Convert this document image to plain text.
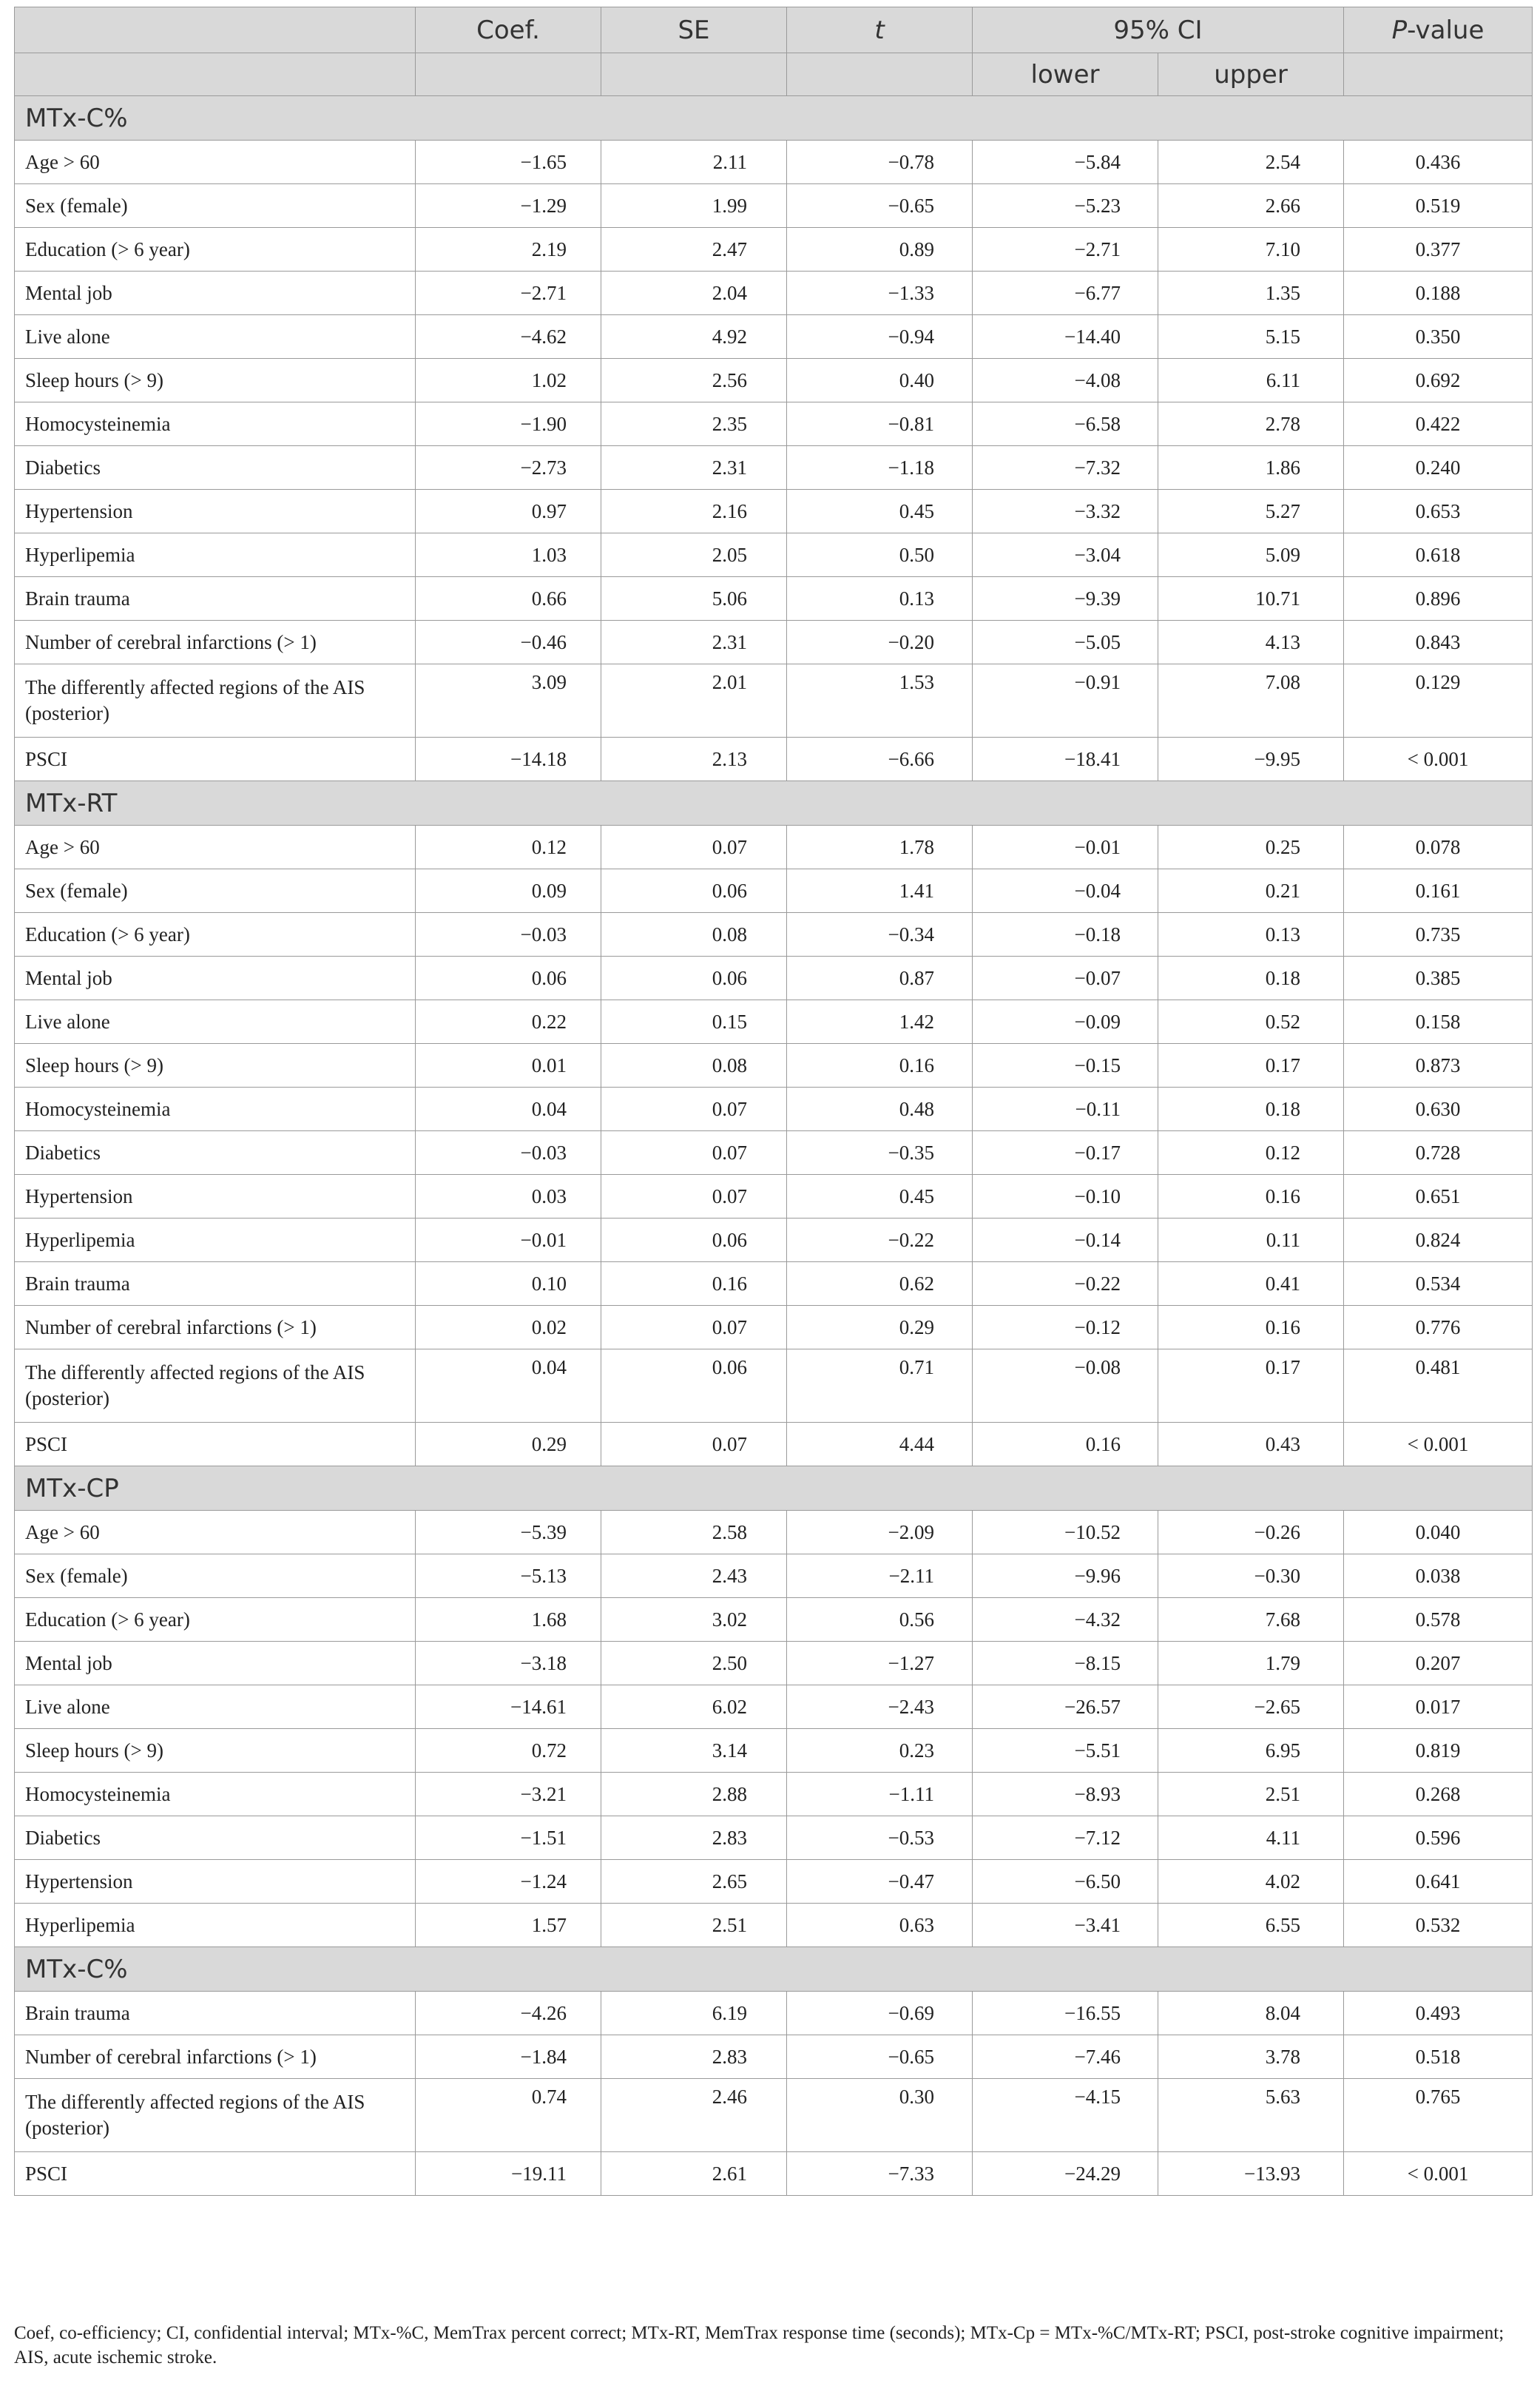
	Coef.	SE	t	95% CI		P-value
				lower	upper	
MTx-C%						
Age > 60	−1.65	2.11	−0.78	−5.84	2.54	0.436
Sex (female)	−1.29	1.99	−0.65	−5.23	2.66	0.519
Education (> 6 year)	2.19	2.47	0.89	−2.71	7.10	0.377
Mental job	−2.71	2.04	−1.33	−6.77	1.35	0.188
Live alone	−4.62	4.92	−0.94	−14.40	5.15	0.350
Sleep hours (> 9)	1.02	2.56	0.40	−4.08	6.11	0.692
Homocysteinemia	−1.90	2.35	−0.81	−6.58	2.78	0.422
Diabetics	−2.73	2.31	−1.18	−7.32	1.86	0.240
Hypertension	0.97	2.16	0.45	−3.32	5.27	0.653
Hyperlipemia	1.03	2.05	0.50	−3.04	5.09	0.618
Brain trauma	0.66	5.06	0.13	−9.39	10.71	0.896
Number of cerebral infarctions (> 1)	−0.46	2.31	−0.20	−5.05	4.13	0.843
The differently affected regions of the AIS (posterior)	3.09	2.01	1.53	−0.91	7.08	0.129
PSCI	−14.18	2.13	−6.66	−18.41	−9.95	< 0.001
MTx-RT						
Age > 60	0.12	0.07	1.78	−0.01	0.25	0.078
Sex (female)	0.09	0.06	1.41	−0.04	0.21	0.161
Education (> 6 year)	−0.03	0.08	−0.34	−0.18	0.13	0.735
Mental job	0.06	0.06	0.87	−0.07	0.18	0.385
Live alone	0.22	0.15	1.42	−0.09	0.52	0.158
Sleep hours (> 9)	0.01	0.08	0.16	−0.15	0.17	0.873
Homocysteinemia	0.04	0.07	0.48	−0.11	0.18	0.630
Diabetics	−0.03	0.07	−0.35	−0.17	0.12	0.728
Hypertension	0.03	0.07	0.45	−0.10	0.16	0.651
Hyperlipemia	−0.01	0.06	−0.22	−0.14	0.11	0.824
Brain trauma	0.10	0.16	0.62	−0.22	0.41	0.534
Number of cerebral infarctions (> 1)	0.02	0.07	0.29	−0.12	0.16	0.776
The differently affected regions of the AIS (posterior)	0.04	0.06	0.71	−0.08	0.17	0.481
PSCI	0.29	0.07	4.44	0.16	0.43	< 0.001
MTx-CP						
Age > 60	−5.39	2.58	−2.09	−10.52	−0.26	0.040
Sex (female)	−5.13	2.43	−2.11	−9.96	−0.30	0.038
Education (> 6 year)	1.68	3.02	0.56	−4.32	7.68	0.578
Mental job	−3.18	2.50	−1.27	−8.15	1.79	0.207
Live alone	−14.61	6.02	−2.43	−26.57	−2.65	0.017
Sleep hours (> 9)	0.72	3.14	0.23	−5.51	6.95	0.819
Homocysteinemia	−3.21	2.88	−1.11	−8.93	2.51	0.268
Diabetics	−1.51	2.83	−0.53	−7.12	4.11	0.596
Hypertension	−1.24	2.65	−0.47	−6.50	4.02	0.641
Hyperlipemia	1.57	2.51	0.63	−3.41	6.55	0.532
MTx-C%						
Brain trauma	−4.26	6.19	−0.69	−16.55	8.04	0.493
Number of cerebral infarctions (> 1)	−1.84	2.83	−0.65	−7.46	3.78	0.518
The differently affected regions of the AIS (posterior)	0.74	2.46	0.30	−4.15	5.63	0.765
PSCI	−19.11	2.61	−7.33	−24.29	−13.93	< 0.001
Coef, co-efficiency; CI, confidential interval; MTx-%C, MemTrax percent correct; MTx-RT, MemTrax response time (seconds); MTx-Cp = MTx-%C/MTx-RT; PSCI, post-stroke cognitive impairment; AIS, acute ischemic stroke.
